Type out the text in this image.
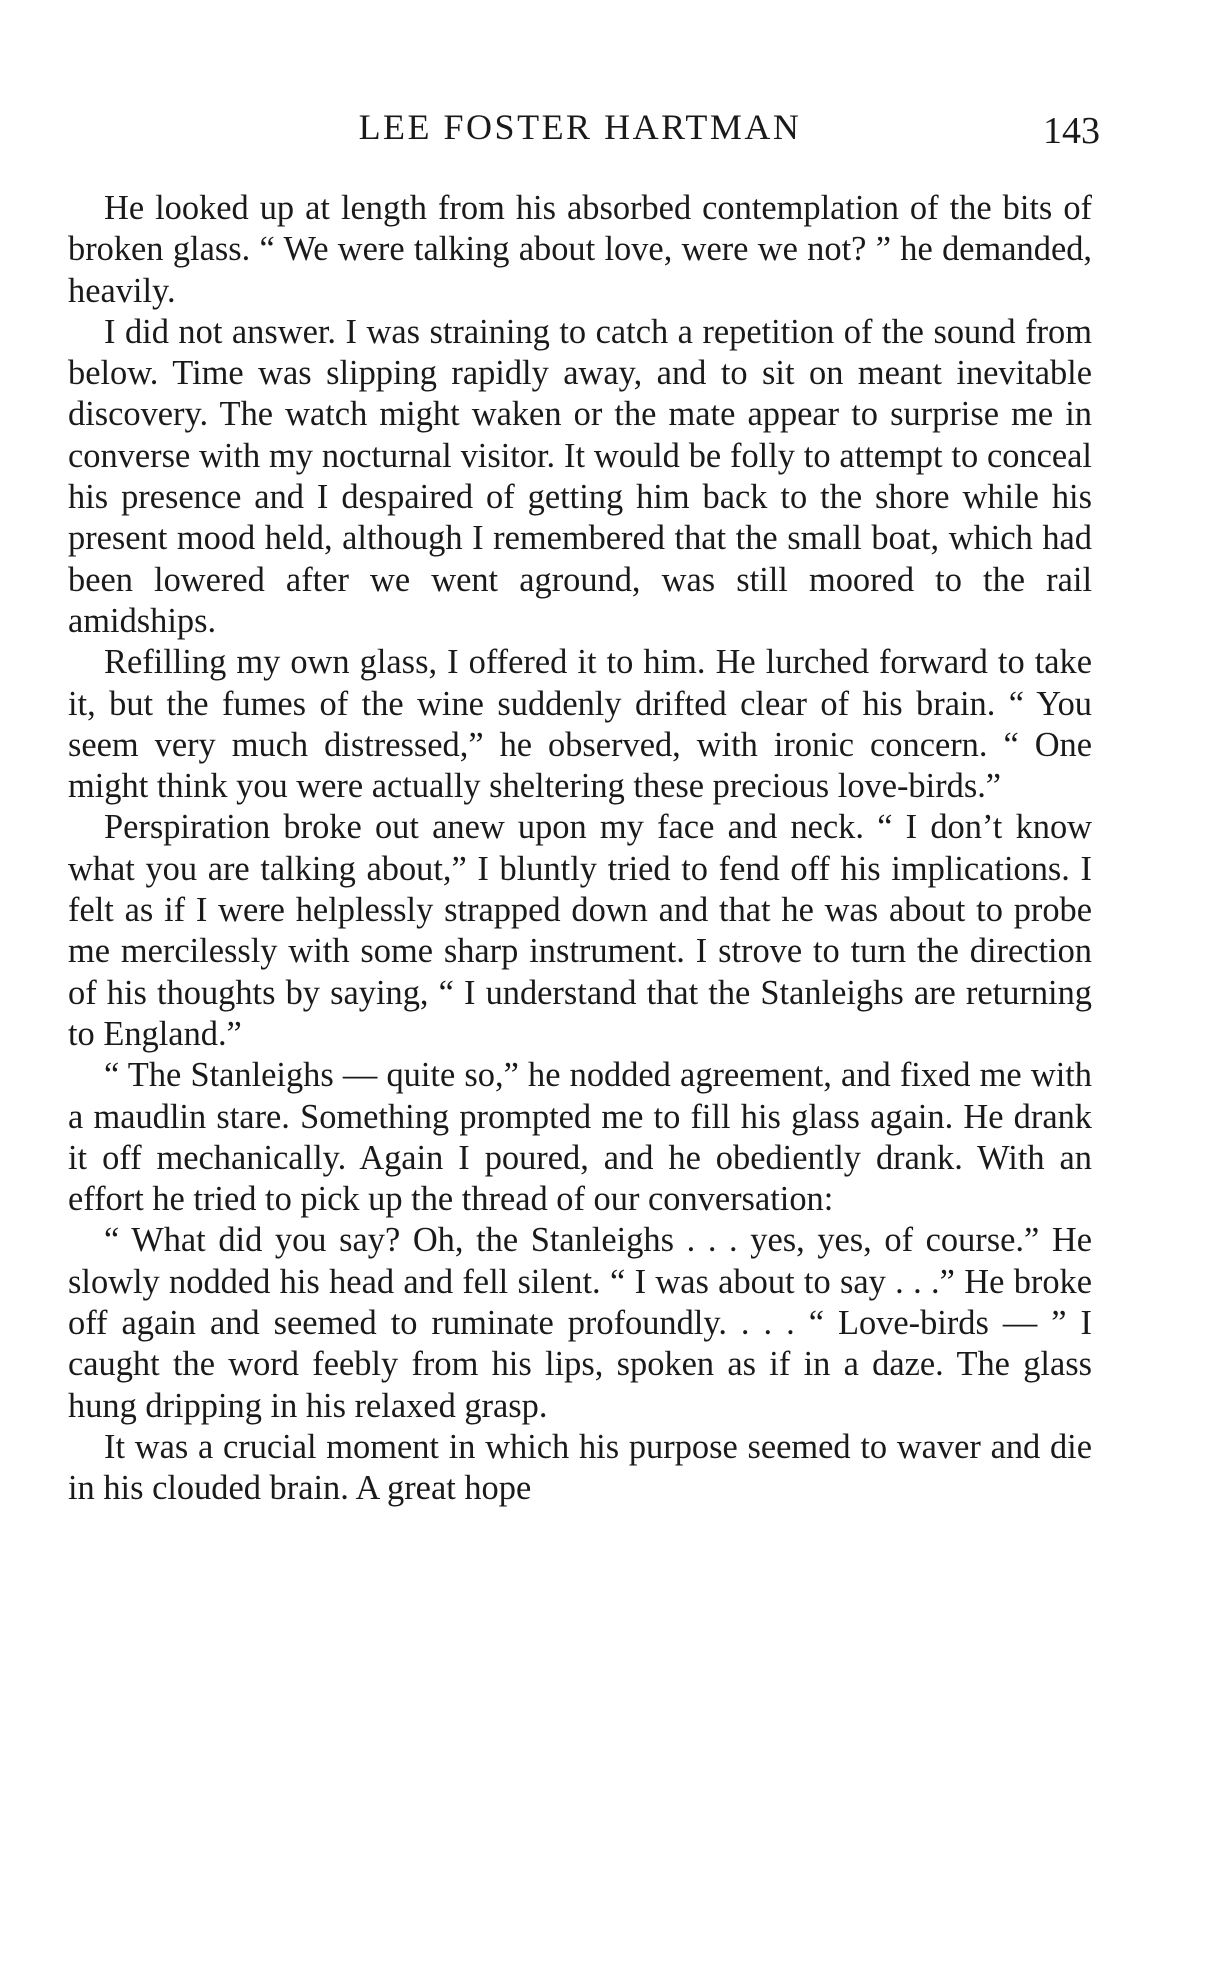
LEE FOSTER HARTMAN	143

He looked up at length from his absorbed contemplation of the bits of broken glass. “ We were talking about love, were we not? ” he demanded, heavily.

I did not answer. I was straining to catch a repetition of the sound from below. Time was slipping rapidly away, and to sit on meant inevitable discovery. The watch might waken or the mate appear to surprise me in converse with my nocturnal visitor. It would be folly to attempt to conceal his presence and I despaired of getting him back to the shore while his present mood held, although I remembered that the small boat, which had been lowered after we went aground, was still moored to the rail amidships.

Refilling my own glass, I offered it to him. He lurched forward to take it, but the fumes of the wine suddenly drifted clear of his brain. “ You seem very much distressed,” he observed, with ironic concern. “ One might think you were actually sheltering these precious love-birds.”

Perspiration broke out anew upon my face and neck. “ I don’t know what you are talking about,” I bluntly tried to fend off his implications. I felt as if I were helplessly strapped down and that he was about to probe me mercilessly with some sharp instrument. I strove to turn the direction of his thoughts by saying, “ I understand that the Stanleighs are returning to England.”

“ The Stanleighs — quite so,” he nodded agreement, and fixed me with a maudlin stare. Something prompted me to fill his glass again. He drank it off mechanically. Again I poured, and he obediently drank. With an effort he tried to pick up the thread of our conversation:

“ What did you say? Oh, the Stanleighs . . . yes, yes, of course.” He slowly nodded his head and fell silent. “ I was about to say . . .” He broke off again and seemed to ruminate profoundly. . . . “ Love-birds — ” I caught the word feebly from his lips, spoken as if in a daze. The glass hung dripping in his relaxed grasp.

It was a crucial moment in which his purpose seemed to waver and die in his clouded brain. A great hope
